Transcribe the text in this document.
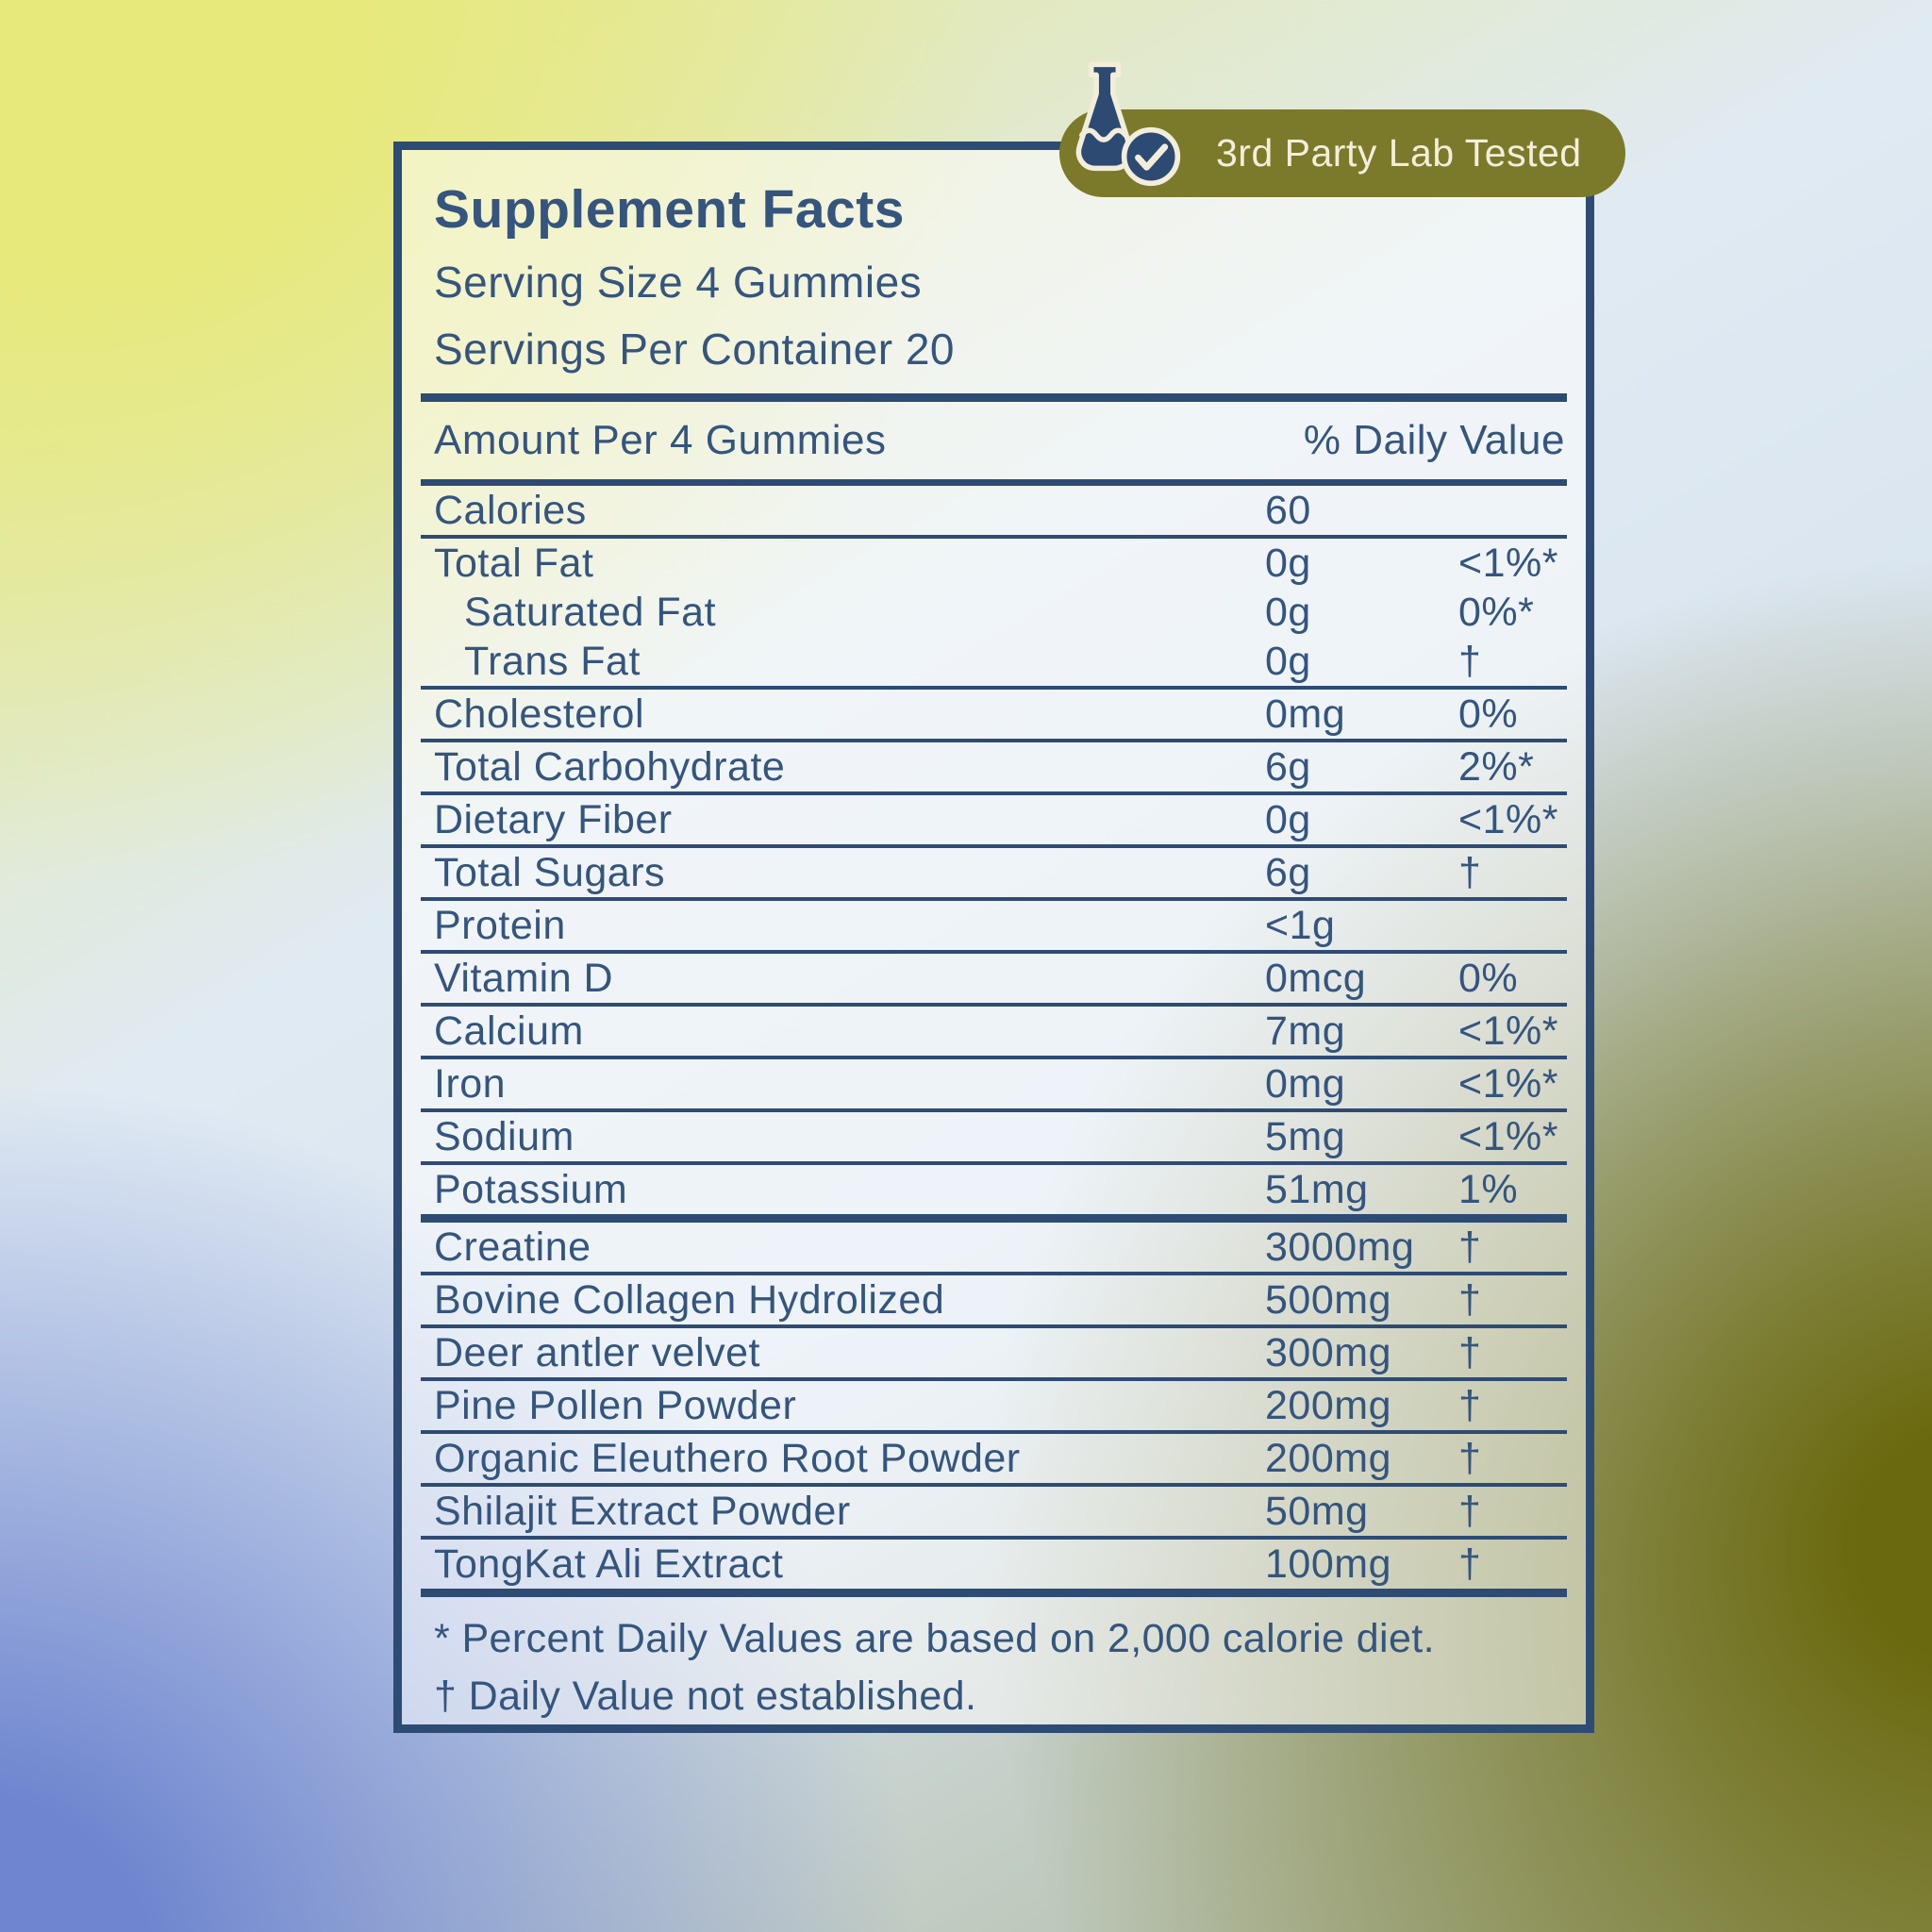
3rd Party Lab Tested
Supplement Facts
Serving Size 4 Gummies
Servings Per Container 20
Amount Per 4 Gummies	% Daily Value
Calories	60
Total Fat	0g	<1%*
Saturated Fat	0g	0%*
Trans Fat	0g	†
Cholesterol	0mg	0%
Total Carbohydrate	6g	2%*
Dietary Fiber	0g	<1%*
Total Sugars	6g	†
Protein	<1g
Vitamin D	0mcg	0%
Calcium	7mg	<1%*
Iron	0mg	<1%*
Sodium	5mg	<1%*
Potassium	51mg	1%
Creatine	3000mg	†
Bovine Collagen Hydrolized	500mg	†
Deer antler velvet	300mg	†
Pine Pollen Powder	200mg	†
Organic Eleuthero Root Powder	200mg	†
Shilajit Extract Powder	50mg	†
TongKat Ali Extract	100mg	†
* Percent Daily Values are based on 2,000 calorie diet.
† Daily Value not established.
